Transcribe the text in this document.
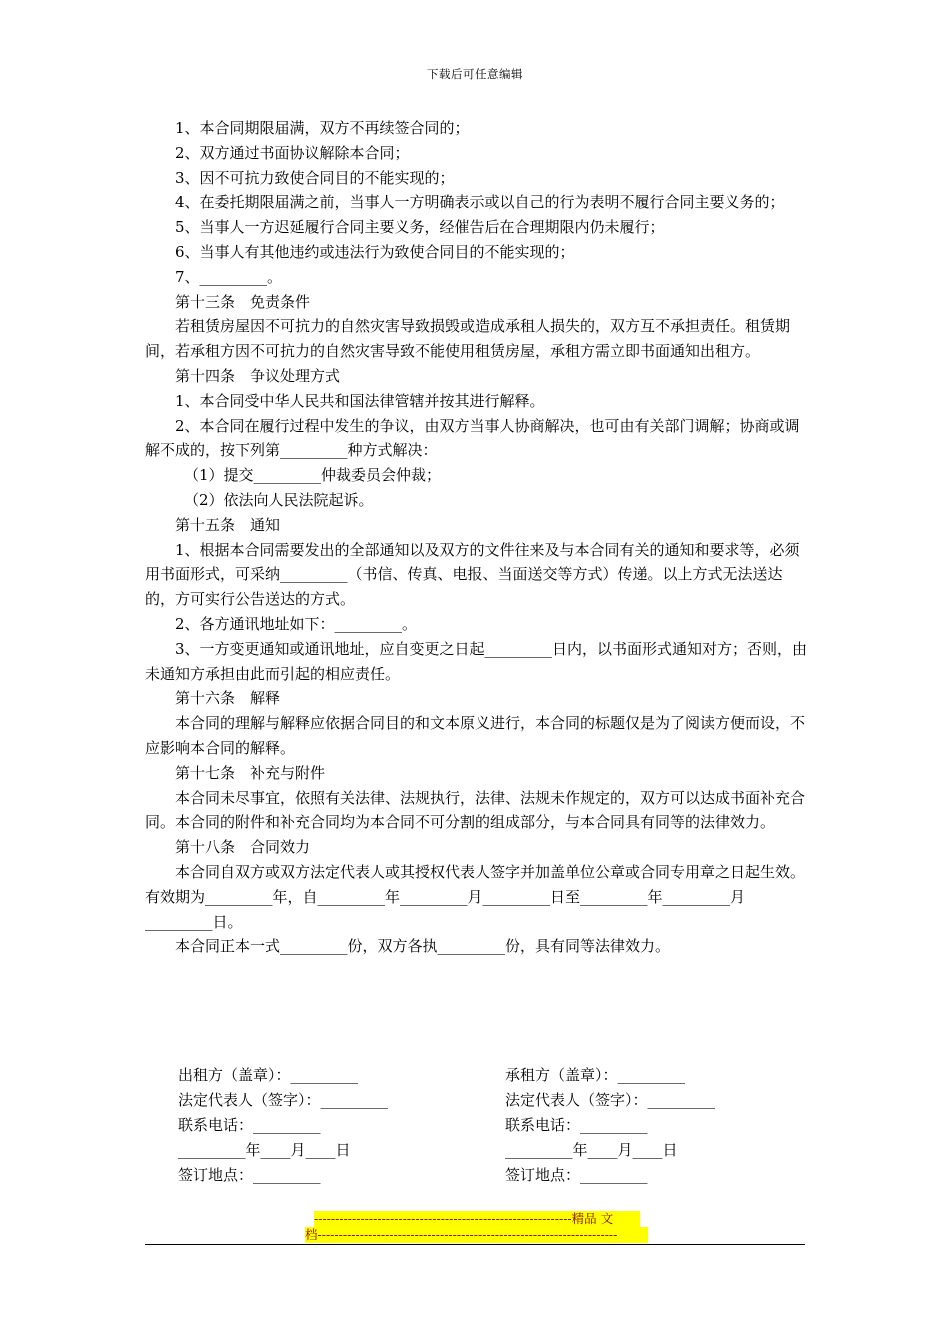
下载后可任意编辑

1、本合同期限届满，双方不再续签合同的；

2、双方通过书面协议解除本合同；

3、因不可抗力致使合同目的不能实现的；

4、在委托期限届满之前，当事人一方明确表示或以自己的行为表明不履行合同主要义务的；

5、当事人一方迟延履行合同主要义务，经催告后在合理期限内仍未履行；

6、当事人有其他违约或违法行为致使合同目的不能实现的；

7、_________。

第十三条　免责条件

若租赁房屋因不可抗力的自然灾害导致损毁或造成承租人损失的，双方互不承担责任。租赁期间，若承租方因不可抗力的自然灾害导致不能使用租赁房屋，承租方需立即书面通知出租方。

第十四条　争议处理方式

1、本合同受中华人民共和国法律管辖并按其进行解释。

2、本合同在履行过程中发生的争议，由双方当事人协商解决，也可由有关部门调解；协商或调解不成的，按下列第_________种方式解决：

（1）提交_________仲裁委员会仲裁；

（2）依法向人民法院起诉。

第十五条　通知

1、根据本合同需要发出的全部通知以及双方的文件往来及与本合同有关的通知和要求等，必须用书面形式，可采纳_________（书信、传真、电报、当面送交等方式）传递。以上方式无法送达的，方可实行公告送达的方式。

2、各方通讯地址如下：_________。

3、一方变更通知或通讯地址，应自变更之日起_________日内，以书面形式通知对方；否则，由未通知方承担由此而引起的相应责任。

第十六条　解释

本合同的理解与解释应依据合同目的和文本原义进行，本合同的标题仅是为了阅读方便而设，不应影响本合同的解释。

第十七条　补充与附件

本合同未尽事宜，依照有关法律、法规执行，法律、法规未作规定的，双方可以达成书面补充合同。本合同的附件和补充合同均为本合同不可分割的组成部分，与本合同具有同等的法律效力。

第十八条　合同效力

本合同自双方或双方法定代表人或其授权代表人签字并加盖单位公章或合同专用章之日起生效。有效期为_________年，自_________年_________月_________日至_________年_________月_________日。

本合同正本一式_________份，双方各执_________份，具有同等法律效力。

出租方（盖章）：_________
法定代表人（签字）：_________
联系电话：_________
_________年____月____日
签订地点：_________
承租方（盖章）：_________
法定代表人（签字）：_________
联系电话：_________
_________年____月____日
签订地点：_________
-------------------------------------------------------------精品 文
档-----------------------------------------------------------------------
